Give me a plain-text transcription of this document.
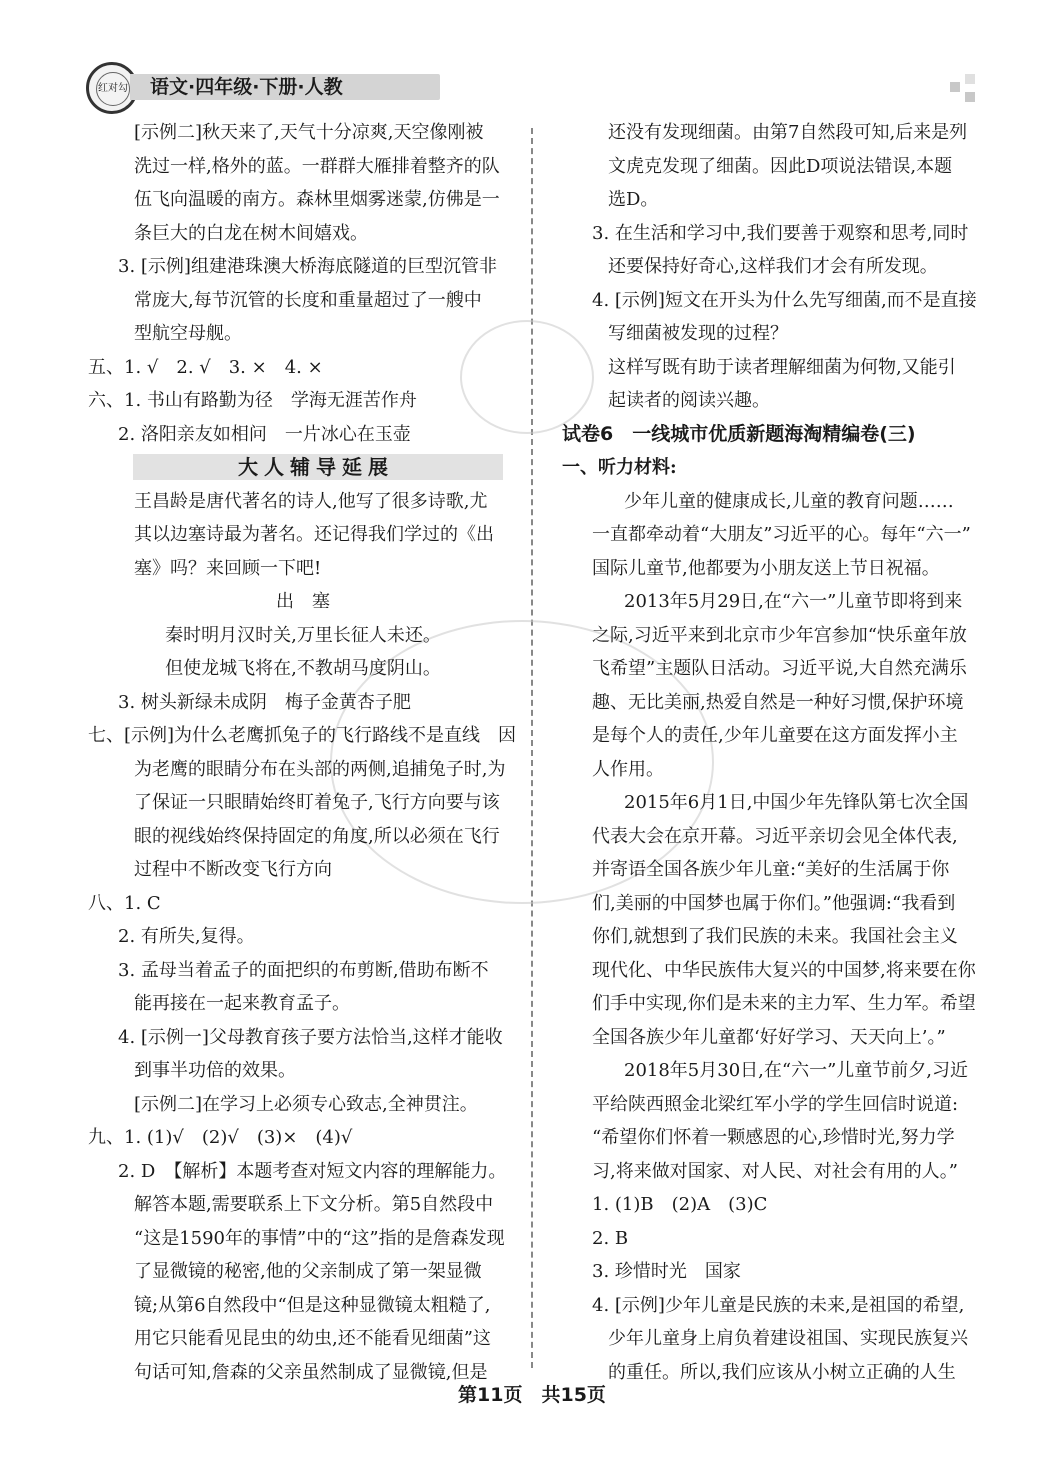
红对勾 语文·四年级·下册·人教
[示例二]秋天来了,天气十分凉爽,天空像刚被
洗过一样,格外的蓝。一群群大雁排着整齐的队
伍飞向温暖的南方。森林里烟雾迷蒙,仿佛是一
条巨大的白龙在树木间嬉戏。
3. [示例]组建港珠澳大桥海底隧道的巨型沉管非
常庞大,每节沉管的长度和重量超过了一艘中
型航空母舰。
五、1. √　2. √　3. ×　4. ×
六、1. 书山有路勤为径　学海无涯苦作舟
2. 洛阳亲友如相问　一片冰心在玉壶
大人辅导延展
王昌龄是唐代著名的诗人,他写了很多诗歌,尤
其以边塞诗最为著名。还记得我们学过的《出
塞》吗？来回顾一下吧!
出　塞
秦时明月汉时关,万里长征人未还。
但使龙城飞将在,不教胡马度阴山。
3. 树头新绿未成阴　梅子金黄杏子肥
七、[示例]为什么老鹰抓兔子的飞行路线不是直线　因
为老鹰的眼睛分布在头部的两侧,追捕兔子时,为
了保证一只眼睛始终盯着兔子,飞行方向要与该
眼的视线始终保持固定的角度,所以必须在飞行
过程中不断改变飞行方向
八、1. C
2. 有所失,复得。
3. 孟母当着孟子的面把织的布剪断,借助布断不
能再接在一起来教育孟子。
4. [示例一]父母教育孩子要方法恰当,这样才能收
到事半功倍的效果。
[示例二]在学习上必须专心致志,全神贯注。
九、1. (1)√　(2)√　(3)×　(4)√
2. D　【解析】本题考查对短文内容的理解能力。
解答本题,需要联系上下文分析。第5自然段中
“这是1590年的事情”中的“这”指的是詹森发现
了显微镜的秘密,他的父亲制成了第一架显微
镜;从第6自然段中“但是这种显微镜太粗糙了,
用它只能看见昆虫的幼虫,还不能看见细菌”这
句话可知,詹森的父亲虽然制成了显微镜,但是
还没有发现细菌。由第7自然段可知,后来是列
文虎克发现了细菌。因此D项说法错误,本题
选D。
3. 在生活和学习中,我们要善于观察和思考,同时
还要保持好奇心,这样我们才会有所发现。
4. [示例]短文在开头为什么先写细菌,而不是直接
写细菌被发现的过程？
这样写既有助于读者理解细菌为何物,又能引
起读者的阅读兴趣。
试卷6　一线城市优质新题海淘精编卷(三)
一、听力材料:
少年儿童的健康成长,儿童的教育问题……
一直都牵动着“大朋友”习近平的心。每年“六一”
国际儿童节,他都要为小朋友送上节日祝福。
2013年5月29日,在“六一”儿童节即将到来
之际,习近平来到北京市少年宫参加“快乐童年放
飞希望”主题队日活动。习近平说,大自然充满乐
趣、无比美丽,热爱自然是一种好习惯,保护环境
是每个人的责任,少年儿童要在这方面发挥小主
人作用。
2015年6月1日,中国少年先锋队第七次全国
代表大会在京开幕。习近平亲切会见全体代表,
并寄语全国各族少年儿童:“美好的生活属于你
们,美丽的中国梦也属于你们。”他强调:“我看到
你们,就想到了我们民族的未来。我国社会主义
现代化、中华民族伟大复兴的中国梦,将来要在你
们手中实现,你们是未来的主力军、生力军。希望
全国各族少年儿童都‘好好学习、天天向上’。”
2018年5月30日,在“六一”儿童节前夕,习近
平给陕西照金北梁红军小学的学生回信时说道:
“希望你们怀着一颗感恩的心,珍惜时光,努力学
习,将来做对国家、对人民、对社会有用的人。”
1. (1)B　(2)A　(3)C
2. B
3. 珍惜时光　国家
4. [示例]少年儿童是民族的未来,是祖国的希望,
少年儿童身上肩负着建设祖国、实现民族复兴
的重任。所以,我们应该从小树立正确的人生
第11页　共15页
